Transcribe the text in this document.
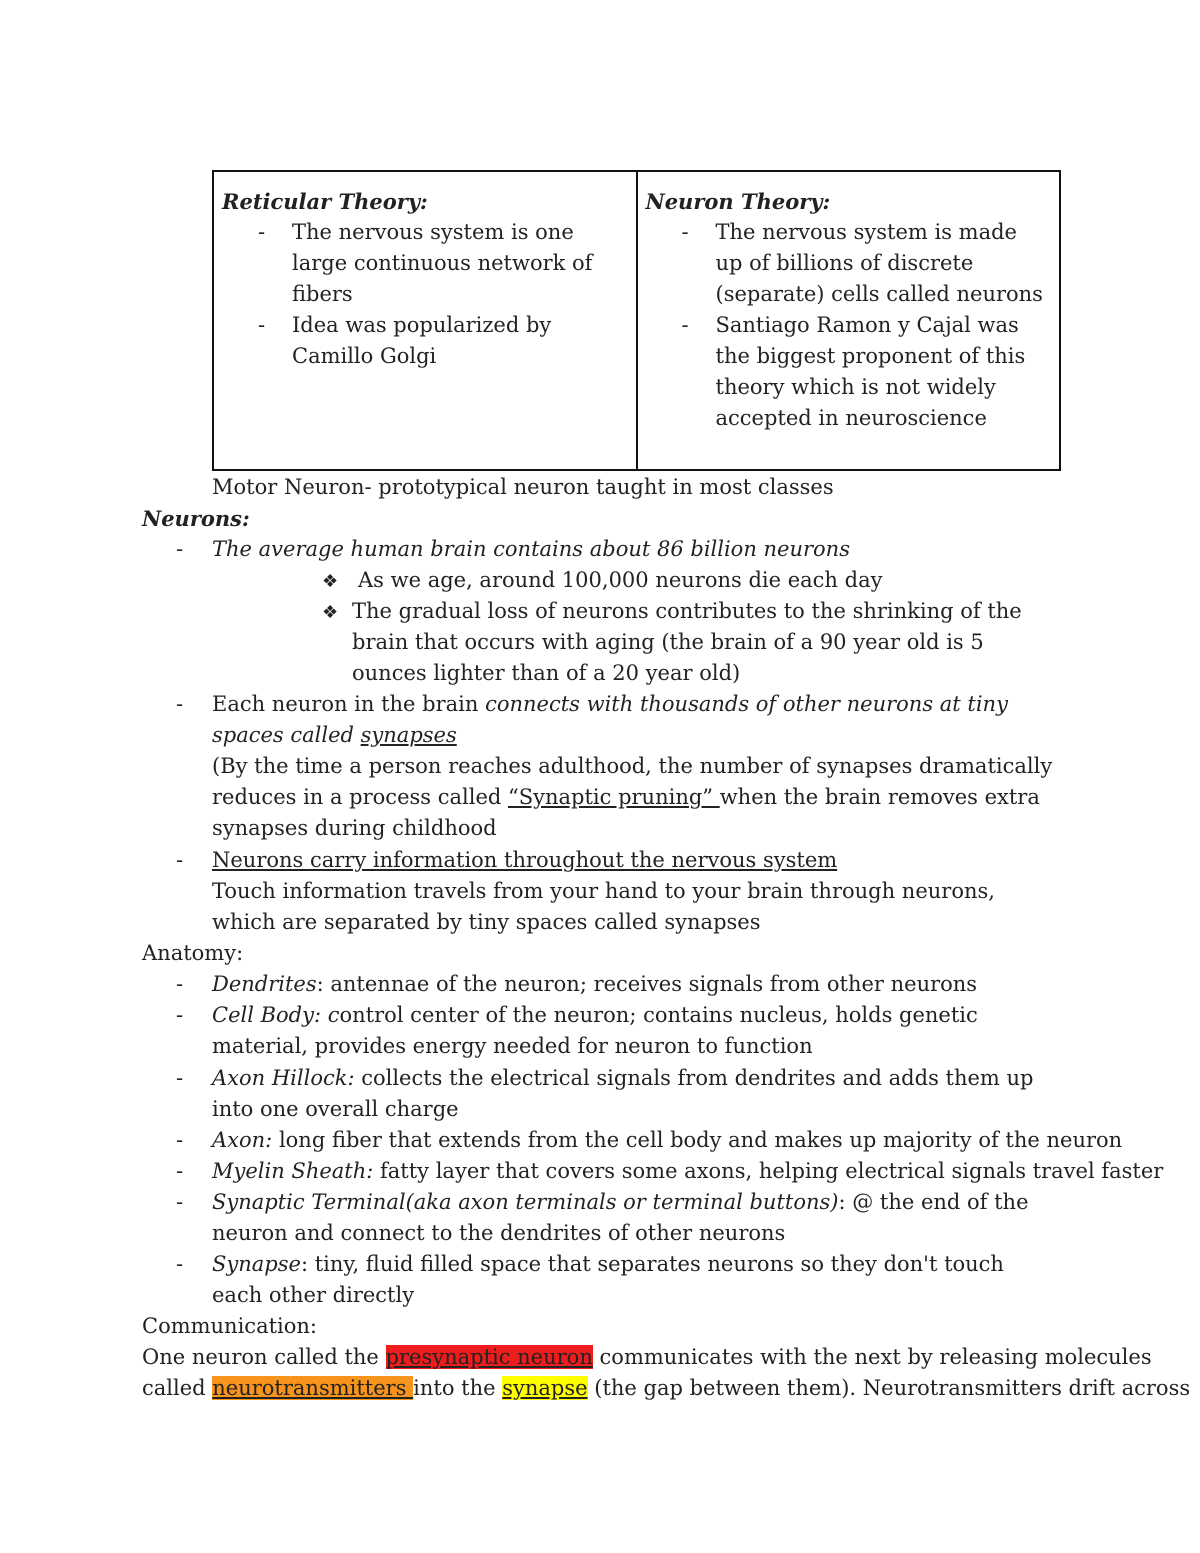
Reticular Theory:
- The nervous system is one large continuous network of fibers
- Idea was popularized by Camillo Golgi
Neuron Theory:
- The nervous system is made up of billions of discrete (separate) cells called neurons
- Santiago Ramon y Cajal was the biggest proponent of this theory which is not widely accepted in neuroscience
Motor Neuron- prototypical neuron taught in most classes
Neurons:
- The average human brain contains about 86 billion neurons
❖ As we age, around 100,000 neurons die each day
❖ The gradual loss of neurons contributes to the shrinking of the brain that occurs with aging (the brain of a 90 year old is 5 ounces lighter than of a 20 year old)
- Each neuron in the brain connects with thousands of other neurons at tiny spaces called synapses
(By the time a person reaches adulthood, the number of synapses dramatically reduces in a process called “Synaptic pruning” when the brain removes extra synapses during childhood
- Neurons carry information throughout the nervous system
Touch information travels from your hand to your brain through neurons, which are separated by tiny spaces called synapses
Anatomy:
- Dendrites: antennae of the neuron; receives signals from other neurons
- Cell Body: control center of the neuron; contains nucleus, holds genetic material, provides energy needed for neuron to function
- Axon Hillock: collects the electrical signals from dendrites and adds them up into one overall charge
- Axon: long fiber that extends from the cell body and makes up majority of the neuron
- Myelin Sheath: fatty layer that covers some axons, helping electrical signals travel faster
- Synaptic Terminal(aka axon terminals or terminal buttons): @ the end of the neuron and connect to the dendrites of other neurons
- Synapse: tiny, fluid filled space that separates neurons so they don't touch each other directly
Communication:
One neuron called the presynaptic neuron communicates with the next by releasing molecules
called neurotransmitters into the synapse (the gap between them). Neurotransmitters drift across
